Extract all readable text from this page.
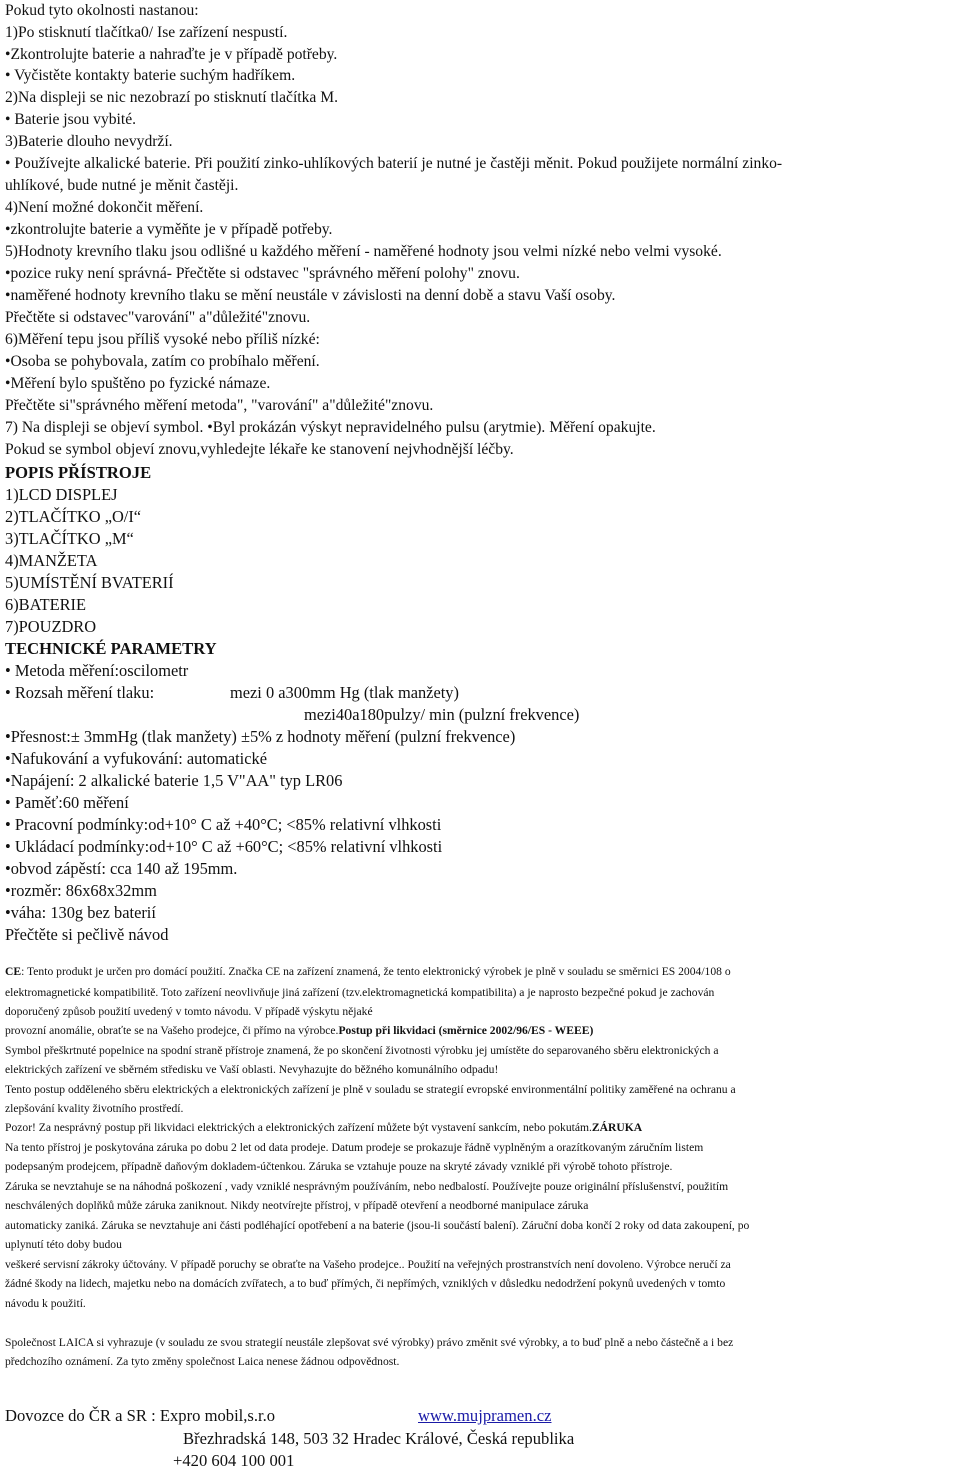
Pokud tyto okolnosti nastanou:
1)Po stisknutí tlačítka0/ Ise zařízení nespustí.
•Zkontrolujte baterie a nahraďte je v případě potřeby.
• Vyčistěte kontakty baterie suchým hadříkem.
2)Na displeji se nic nezobrazí po stisknutí tlačítka M.
• Baterie jsou vybité.
3)Baterie dlouho nevydrží.
• Používejte alkalické baterie. Při použití zinko-uhlíkových baterií je nutné je častěji měnit. Pokud použijete normální zinko-
uhlíkové, bude nutné je měnit častěji.
4)Není možné dokončit měření.
•zkontrolujte baterie a vyměňte je v případě potřeby.
5)Hodnoty krevního tlaku jsou odlišné u každého měření - naměřené hodnoty jsou velmi nízké nebo velmi vysoké.
•pozice ruky není správná- Přečtěte si odstavec "správného měření polohy" znovu.
•naměřené hodnoty krevního tlaku se mění neustále v závislosti na denní době a stavu Vaší osoby.
Přečtěte si odstavec"varování" a"důležité"znovu.
6)Měření tepu jsou příliš vysoké nebo příliš nízké:
•Osoba se pohybovala, zatím co probíhalo měření.
•Měření bylo spuštěno po fyzické námaze.
Přečtěte si"správného měření metoda", "varování" a"důležité"znovu.
7) Na displeji se objeví symbol. •Byl prokázán výskyt nepravidelného pulsu (arytmie). Měření opakujte.
Pokud se symbol objeví znovu,vyhledejte lékaře ke stanovení nejvhodnější léčby.
POPIS PŘÍSTROJE
1)LCD DISPLEJ
2)TLAČÍTKO „O/I“
3)TLAČÍTKO „M“
4)MANŽETA
5)UMÍSTĚNÍ BVATERIÍ
6)BATERIE
7)POUZDRO
TECHNICKÉ PARAMETRY
• Metoda měření:oscilometr
• Rozsah měření tlaku:	mezi 0 a300mm Hg (tlak manžety)
mezi40a180pulzy/ min (pulzní frekvence)
•Přesnost:± 3mmHg (tlak manžety) ±5% z hodnoty měření (pulzní frekvence)
•Nafukování a vyfukování: automatické
•Napájení: 2 alkalické baterie 1,5 V"AA" typ LR06
• Paměť:60 měření
• Pracovní podmínky:od+10° C až +40°C; <85% relativní vlhkosti
• Ukládací podmínky:od+10° C až +60°C; <85% relativní vlhkosti
•obvod zápěstí: cca 140 až 195mm.
•rozměr: 86x68x32mm
•váha: 130g bez baterií
Přečtěte si pečlivě návod
CE: Tento produkt je určen pro domácí použití. Značka CE na zařízení znamená, že tento elektronický výrobek je plně v souladu se směrnici ES 2004/108 o
elektromagnetické kompatibilitě. Toto zařízení neovlivňuje jiná zařízení (tzv.elektromagnetická kompatibilita) a je naprosto bezpečné pokud je zachován
doporučený způsob použití uvedený v tomto návodu. V případě výskytu nějaké
provozní anomálie, obraťte se na Vašeho prodejce, či přímo na výrobce.Postup při likvidaci (směrnice 2002/96/ES - WEEE)
Symbol přeškrtnuté popelnice na spodní straně přístroje znamená, že po skončení životnosti výrobku jej umístěte do separovaného sběru elektronických a
elektrických zařízení ve sběrném středisku ve Vaší oblasti. Nevyhazujte do běžného komunálního odpadu!
Tento postup odděleného sběru elektrických a elektronických zařízení je plně v souladu se strategií evropské environmentální politiky zaměřené na ochranu a
zlepšování kvality životního prostředí.
Pozor! Za nesprávný postup při likvidaci elektrických a elektronických zařízení můžete být vystavení sankcím, nebo pokutám.ZÁRUKA
Na tento přístroj je poskytována záruka po dobu 2 let od data prodeje. Datum prodeje se prokazuje řádně vyplněným a orazítkovaným záručním listem
podepsaným prodejcem, případně daňovým dokladem-účtenkou. Záruka se vztahuje pouze na skryté závady vzniklé při výrobě tohoto přístroje.
Záruka se nevztahuje se na náhodná poškození , vady vzniklé nesprávným používáním, nebo nedbalostí. Používejte pouze originální příslušenství, použitím
neschválených doplňků může záruka zaniknout. Nikdy neotvírejte přístroj, v případě otevření a neodborné manipulace záruka
automaticky zaniká. Záruka se nevztahuje ani části podléhající opotřebení a na baterie (jsou-li součástí balení). Záruční doba končí 2 roky od data zakoupení, po
uplynutí této doby budou
veškeré servisní zákroky účtovány. V případě poruchy se obraťte na Vašeho prodejce.. Použití na veřejných prostranstvích není dovoleno. Výrobce neručí za
žádné škody na lidech, majetku nebo na domácích zvířatech, a to buď přímých, či nepřímých, vzniklých v důsledku nedodržení pokynů uvedených v tomto
návodu k použití.
Společnost LAICA si vyhrazuje (v souladu ze svou strategií neustále zlepšovat své výrobky) právo změnit své výrobky, a to buď plně a nebo částečně a i bez
předchozího oznámení. Za tyto změny společnost Laica nenese žádnou odpovědnost.
Dovozce do ČR a SR : Expro mobil,s.r.o	www.mujpramen.cz
Březhradská 148, 503 32 Hradec Králové, Česká republika
+420 604 100 001
